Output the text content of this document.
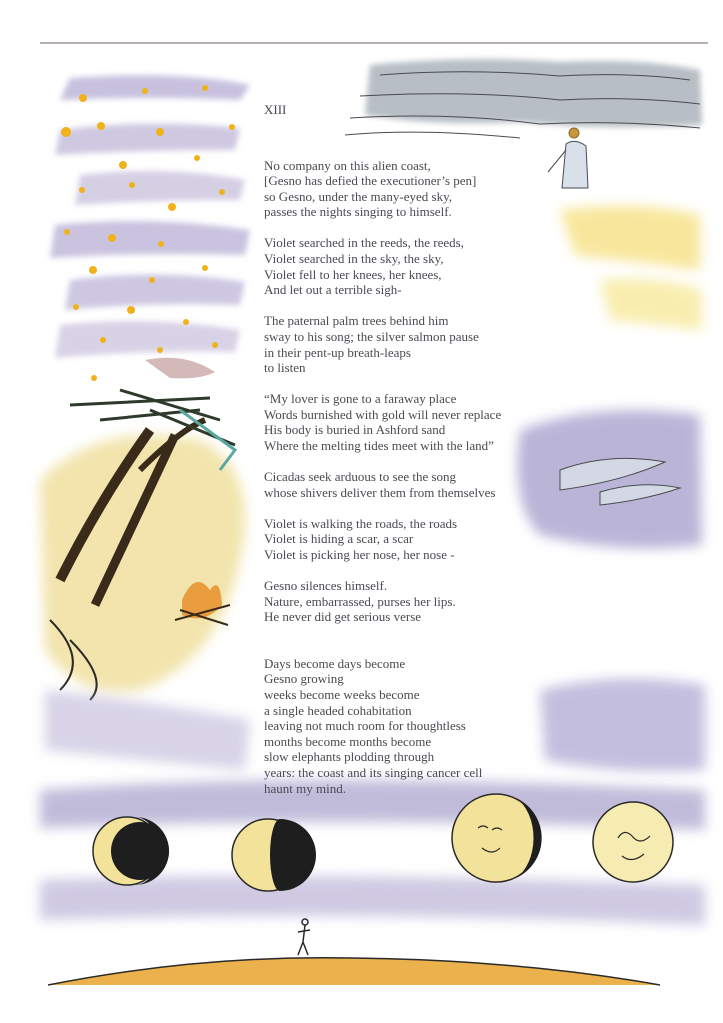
XIII
No company on this alien coast,
[Gesno has defied the executioner’s pen]
so Gesno, under the many-eyed sky,
passes the nights singing to himself.
Violet searched in the reeds, the reeds,
Violet searched in the sky, the sky,
Violet fell to her knees, her knees,
And let out a terrible sigh-
The paternal palm trees behind him
sway to his song; the silver salmon pause
in their pent-up breath-leaps
to listen
“My lover is gone to a faraway place
Words burnished with gold will never replace
His body is buried in Ashford sand
Where the melting tides meet with the land”
Cicadas seek arduous to see the song
whose shivers deliver them from themselves
Violet is walking the roads, the roads
Violet is hiding a scar, a scar
Violet is picking her nose, her nose -
Gesno silences himself.
Nature, embarrassed, purses her lips.
He never did get serious verse
Days become days become
Gesno growing
weeks become weeks become
a single headed cohabitation
leaving not much room for thoughtless
months become months become
slow elephants plodding through
years: the coast and its singing cancer cell
haunt my mind.
